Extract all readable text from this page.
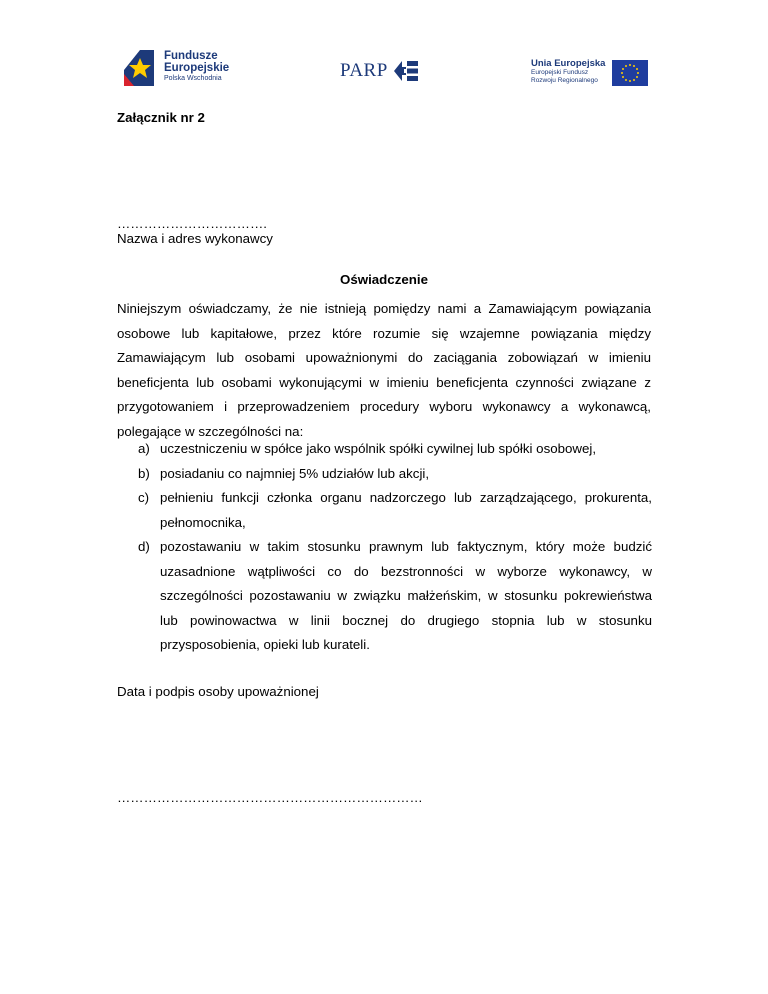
Fundusze
Europejskie
Polska Wschodnia	PARP	Unia Europejska
Europejski Fundusz
Rozwoju Regionalnego
Załącznik nr 2
…………………………….
Nazwa i adres wykonawcy
Oświadczenie

Niniejszym oświadczamy, że nie istnieją pomiędzy nami a Zamawiającym powiązania osobowe lub kapitałowe, przez które rozumie się wzajemne powiązania między Zamawiającym lub osobami upoważnionymi do zaciągania zobowiązań w imieniu beneficjenta lub osobami wykonującymi w imieniu beneficjenta czynności związane z przygotowaniem i przeprowadzeniem procedury wyboru wykonawcy a wykonawcą, polegające w szczególności na:

a) uczestniczeniu w spółce jako wspólnik spółki cywilnej lub spółki osobowej,
b) posiadaniu co najmniej 5% udziałów lub akcji,
c) pełnieniu funkcji członka organu nadzorczego lub zarządzającego, prokurenta, pełnomocnika,
d) pozostawaniu w takim stosunku prawnym lub faktycznym, który może budzić uzasadnione wątpliwości co do bezstronności w wyborze wykonawcy, w szczególności pozostawaniu w związku małżeńskim, w stosunku pokrewieństwa lub powinowactwa w linii bocznej do drugiego stopnia lub w stosunku przysposobienia, opieki lub kurateli.
Data i podpis osoby upoważnionej
……………………………………………………………
